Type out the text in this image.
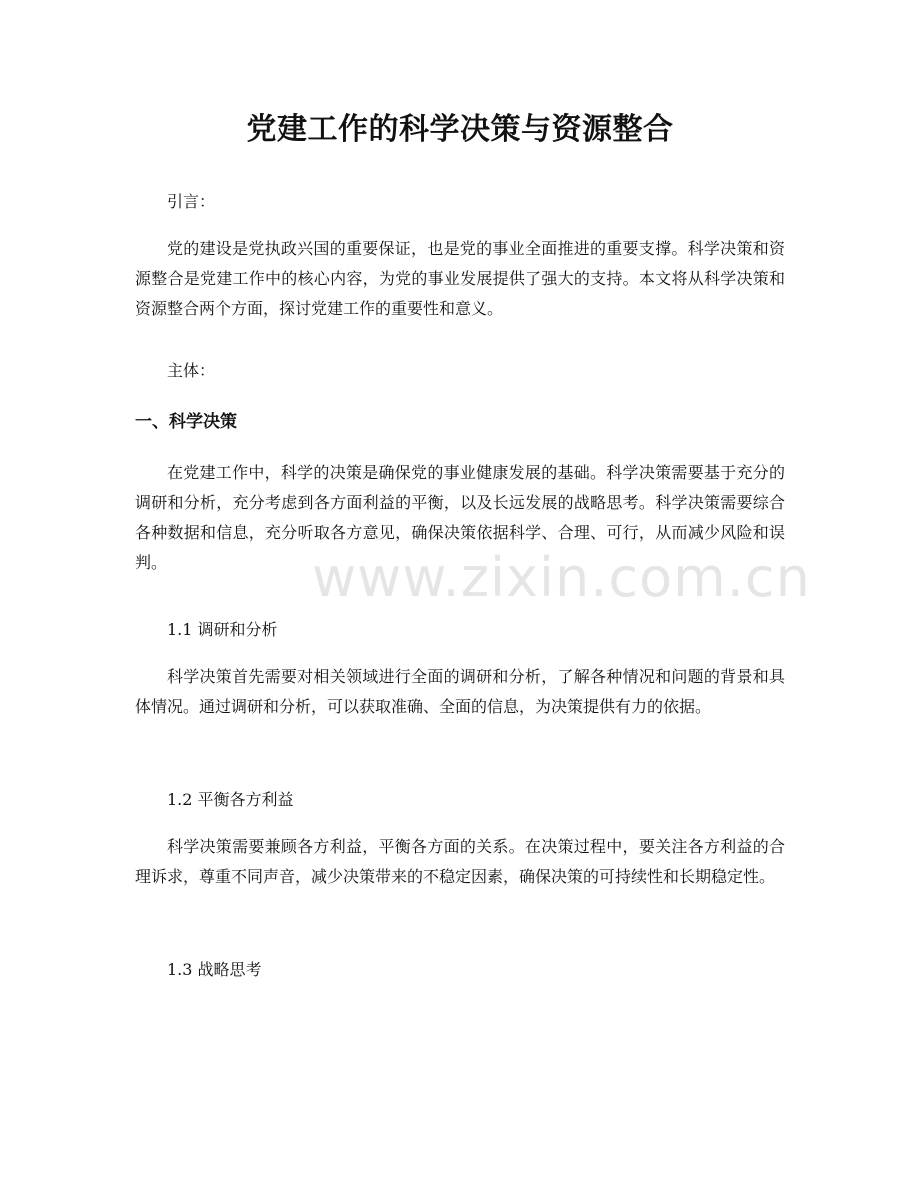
党建工作的科学决策与资源整合
引言：
党的建设是党执政兴国的重要保证，也是党的事业全面推进的重要支撑。科学决策和资源整合是党建工作中的核心内容，为党的事业发展提供了强大的支持。本文将从科学决策和资源整合两个方面，探讨党建工作的重要性和意义。
主体：
一、科学决策
在党建工作中，科学的决策是确保党的事业健康发展的基础。科学决策需要基于充分的调研和分析，充分考虑到各方面利益的平衡，以及长远发展的战略思考。科学决策需要综合各种数据和信息，充分听取各方意见，确保决策依据科学、合理、可行，从而减少风险和误判。
1.1 调研和分析
科学决策首先需要对相关领域进行全面的调研和分析，了解各种情况和问题的背景和具体情况。通过调研和分析，可以获取准确、全面的信息，为决策提供有力的依据。
1.2 平衡各方利益
科学决策需要兼顾各方利益，平衡各方面的关系。在决策过程中，要关注各方利益的合理诉求，尊重不同声音，减少决策带来的不稳定因素，确保决策的可持续性和长期稳定性。
1.3 战略思考
www.zixin.com.cn
